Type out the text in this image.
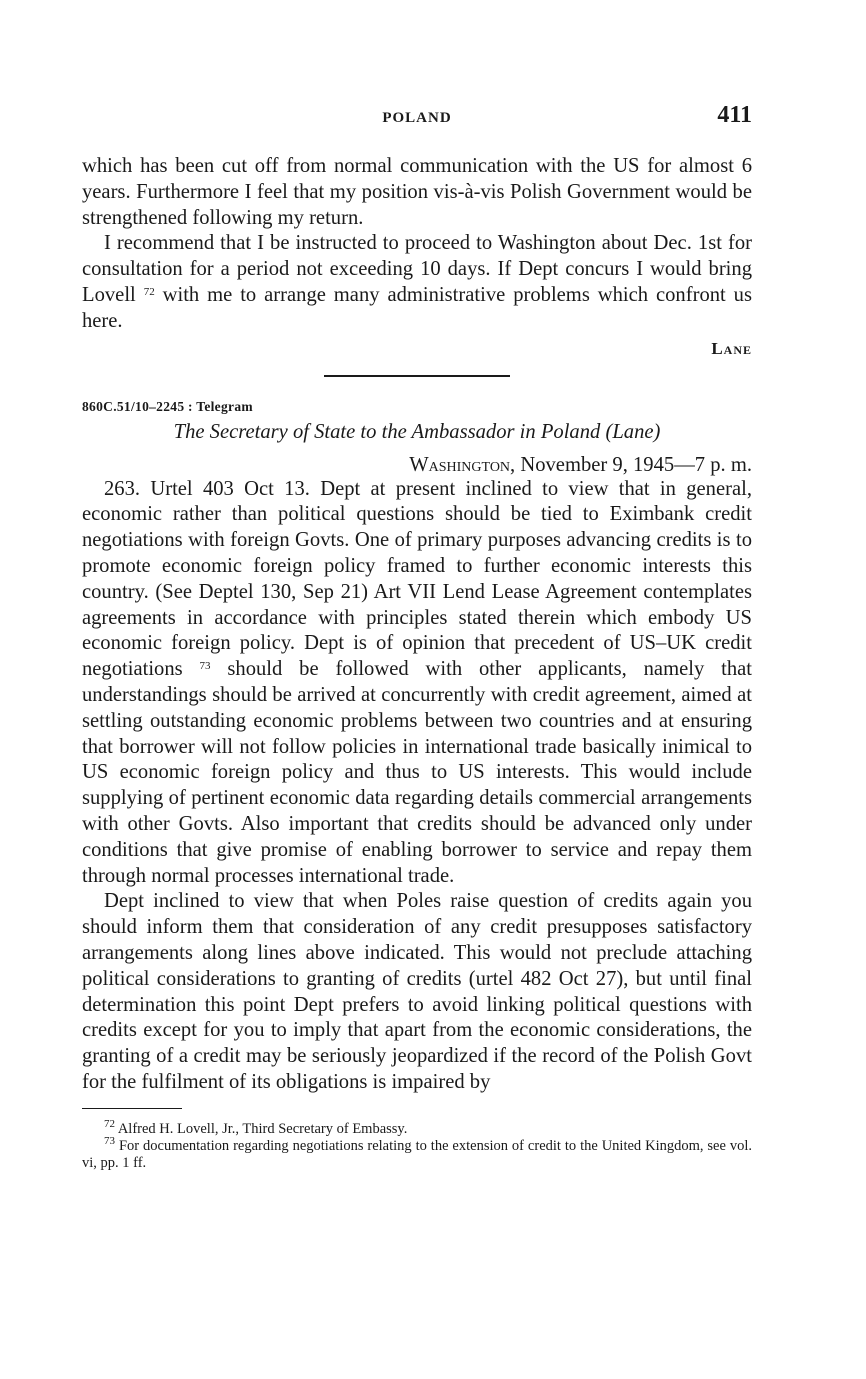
POLAND	411

which has been cut off from normal communication with the US for almost 6 years. Furthermore I feel that my position vis-à-vis Polish Government would be strengthened following my return.

I recommend that I be instructed to proceed to Washington about Dec. 1st for consultation for a period not exceeding 10 days. If Dept concurs I would bring Lovell $^{72}$ with me to arrange many administrative problems which confront us here.

Lane
860C.51/10–2245 : Telegram
The Secretary of State to the Ambassador in Poland (Lane)
Washington, November 9, 1945—7 p. m.

263. Urtel 403 Oct 13. Dept at present inclined to view that in general, economic rather than political questions should be tied to Eximbank credit negotiations with foreign Govts. One of primary purposes advancing credits is to promote economic foreign policy framed to further economic interests this country. (See Deptel 130, Sep 21) Art VII Lend Lease Agreement contemplates agreements in accordance with principles stated therein which embody US economic foreign policy. Dept is of opinion that precedent of US–UK credit negotiations $^{73}$ should be followed with other applicants, namely that understandings should be arrived at concurrently with credit agreement, aimed at settling outstanding economic problems between two countries and at ensuring that borrower will not follow policies in international trade basically inimical to US economic foreign policy and thus to US interests. This would include supplying of pertinent economic data regarding details commercial arrangements with other Govts. Also important that credits should be advanced only under conditions that give promise of enabling borrower to service and repay them through normal processes international trade.

Dept inclined to view that when Poles raise question of credits again you should inform them that consideration of any credit presupposes satisfactory arrangements along lines above indicated. This would not preclude attaching political considerations to granting of credits (urtel 482 Oct 27), but until final determination this point Dept prefers to avoid linking political questions with credits except for you to imply that apart from the economic considerations, the granting of a credit may be seriously jeopardized if the record of the Polish Govt for the fulfilment of its obligations is impaired by

$^{72}$ Alfred H. Lovell, Jr., Third Secretary of Embassy.
$^{73}$ For documentation regarding negotiations relating to the extension of credit to the United Kingdom, see vol. vi, pp. 1 ff.
